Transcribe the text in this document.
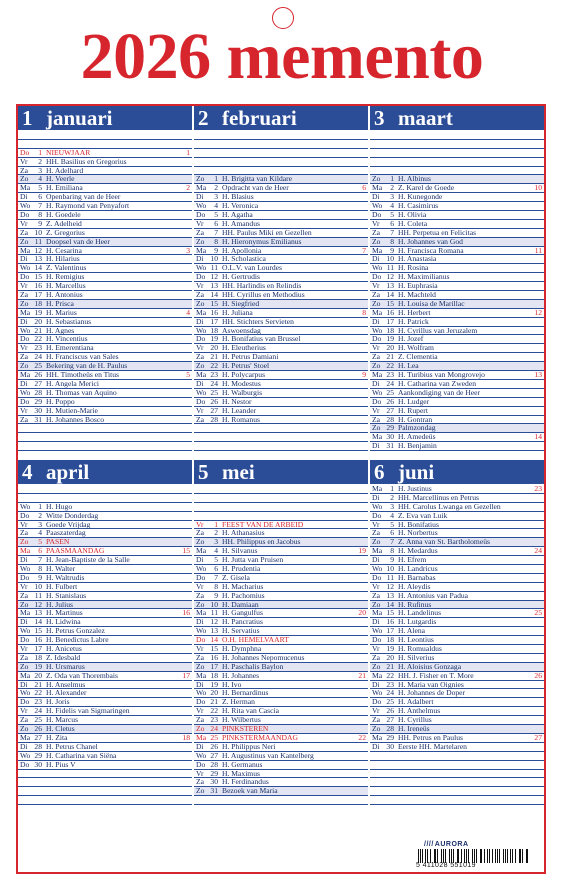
2026 memento
1 januari
Do	1 NIEUWJAAR	1
Vr	2 HH. Basilius en Gregorius
Za	3 H. Adelhard
Zo	4 H. Veerle
Ma	5 H. Emiliana	2
Di	6 Openbaring van de Heer
Wo	7 H. Raymond van Penyafort
Do	8 H. Goedele
Vr	9 Z. Adelheid
Za 10 Z. Gregorius
Zo 11 Doopsel van de Heer
Ma 12 H. Cesarina	3
Di 13 H. Hilarius
Wo 14 Z. Valentinus
Do 15 H. Remigius
Vr 16 H. Marcellus
Za 17 H. Antonius
Zo 18 H. Prisca
Ma 19 H. Marius	4
Di 20 H. Sebastianus
Wo 21 H. Agnes
Do 22 H. Vincentius
Vr 23 H. Emerentiana
Za 24 H. Franciscus van Sales
Zo 25 Bekering van de H. Paulus
Ma 26 HH. Timotheüs en Titus	5
Di 27 H. Angela Merici
Wo 28 H. Thomas van Aquino
Do 29 H. Poppo
Vr 30 H. Mutien-Marie
Za 31 H. Johannes Bosco
2 februari
Zo	1 H. Brigitta van Kildare
Ma	2 Opdracht van de Heer	6
Di	3 H. Blasius
Wo	4 H. Veronica
Do	5 H. Agatha
Vr	6 H. Amandus
Za	7 HH. Paulus Miki en Gezellen
Zo	8 H. Hieronymus Emilianus
Ma	9 H. Apollonia	7
Di 10 H. Scholastica
Wo 11 O.L.V. van Lourdes
Do 12 H. Gertrudis
Vr 13 HH. Harlindis en Relindis
Za 14 HH. Cyrillus en Methodius
Zo 15 H. Siegfried
Ma 16 H. Juliana	8
Di 17 HH. Stichters Servieten
Wo 18 Aswoensdag
Do 19 H. Bonifatius van Brussel
Vr 20 H. Eleutherius
Za 21 H. Petrus Damiani
Zo 22 H. Petrus' Stoel
Ma 23 H. Polycarpus	9
Di 24 H. Modestus
Wo 25 H. Walburgis
Do 26 H. Nestor
Vr 27 H. Leander
Za 28 H. Romanus
3 maart
Zo	1 H. Albinus
Ma	2 Z. Karel de Goede	10
Di	3 H. Kunegonde
Wo	4 H. Casimirus
Do	5 H. Olivia
Vr	6 H. Coleta
Za	7 HH. Perpetua en Felicitas
Zo	8 H. Johannes van God
Ma	9 H. Francisca Romana	11
Di 10 H. Anastasia
Wo 11 H. Rosina
Do 12 H. Maximilianus
Vr 13 H. Euphrasia
Za 14 H. Machteld
Zo 15 H. Louisa de Marillac
Ma 16 H. Herbert	12
Di 17 H. Patrick
Wo 18 H. Cyrillus van Jeruzalem
Do 19 H. Jozef
Vr 20 H. Wolfram
Za 21 Z. Clementia
Zo 22 H. Lea
Ma 23 H. Turibius van Mongrovejo	13
Di 24 H. Catharina van Zweden
Wo 25 Aankondiging van de Heer
Do 26 H. Ludger
Vr 27 H. Rupert
Za 28 H. Gontran
Zo 29 Palmzondag
Ma 30 H. Amedeüs	14
Di 31 H. Benjamin
4 april
Wo	1 H. Hugo
Do	2 Witte Donderdag
Vr	3 Goede Vrijdag
Za	4 Paaszaterdag
Zo	5 PASEN
Ma	6 PAASMAANDAG	15
Di	7 H. Jean-Baptiste de la Salle
Wo	8 H. Walter
Do	9 H. Waltrudis
Vr 10 H. Fulbert
Za 11 H. Stanislaus
Zo 12 H. Julius
Ma 13 H. Martinus	16
Di 14 H. Lidwina
Wo 15 H. Petrus Gonzalez
Do 16 H. Benedictus Labre
Vr 17 H. Anicetus
Za 18 Z. Idesbald
Zo 19 H. Ursmarus
Ma 20 Z. Oda van Thorembais	17
Di 21 H. Anselmus
Wo 22 H. Alexander
Do 23 H. Joris
Vr 24 H. Fidelis van Sigmaringen
Za 25 H. Marcus
Zo 26 H. Cletus
Ma 27 H. Zita	18
Di 28 H. Petrus Chanel
Wo 29 H. Catharina van Siëna
Do 30 H. Pius V
5 mei
Vr	1 FEEST VAN DE ARBEID
Za	2 H. Athanasius
Zo	3 HH. Philippus en Jacobus
Ma	4 H. Silvanus	19
Di	5 H. Jutta van Pruisen
Wo	6 H. Prudentia
Do	7 Z. Gisela
Vr	8 H. Macharius
Za	9 H. Pachomius
Zo 10 H. Damiaan
Ma 11 H. Gangulfus	20
Di 12 H. Pancratius
Wo 13 H. Servatius
Do 14 O.H. HEMELVAART
Vr 15 H. Dymphna
Za 16 H. Johannes Nepomucenus
Zo 17 H. Paschalis Baylon
Ma 18 H. Johannes	21
Di 19 H. Ivo
Wo 20 H. Bernardinus
Do 21 Z. Herman
Vr 22 H. Rita van Cascia
Za 23 H. Wilbertus
Zo 24 PINKSTEREN
Ma 25 PINKSTERMAANDAG	22
Di 26 H. Philippus Neri
Wo 27 H. Augustinus van Kantelberg
Do 28 H. Germanus
Vr 29 H. Maximus
Za 30 H. Ferdinandus
Zo 31 Bezoek van Maria
6 juni
Ma	1 H. Justinus	23
Di	2 HH. Marcellinus en Petrus
Wo	3 HH. Carolus Lwanga en Gezellen
Do	4 Z. Eva van Luik
Vr	5 H. Bonifatius
Za	6 H. Norbertus
Zo	7 Z. Anna van St. Bartholomeüs
Ma	8 H. Medardus	24
Di	9 H. Efrem
Wo 10 H. Landricus
Do 11 H. Barnabas
Vr 12 H. Aleydis
Za 13 H. Antonius van Padua
Zo 14 H. Rufinus
Ma 15 H. Landelinus	25
Di 16 H. Lutgardis
Wo 17 H. Alena
Do 18 H. Leontius
Vr 19 H. Romualdus
Za 20 H. Silverius
Zo 21 H. Aloisius Gonzaga
Ma 22 HH. J. Fisher en T. More	26
Di 23 H. Maria van Oignies
Wo 24 H. Johannes de Doper
Do 25 H. Adalbert
Vr 26 H. Anthelmus
Za 27 H. Cyrillus
Zo 28 H. Ireneüs
Ma 29 HH. Petrus en Paulus	27
Di 30 Eerste HH. Martelaren
////AURORA
5 411028 551019
